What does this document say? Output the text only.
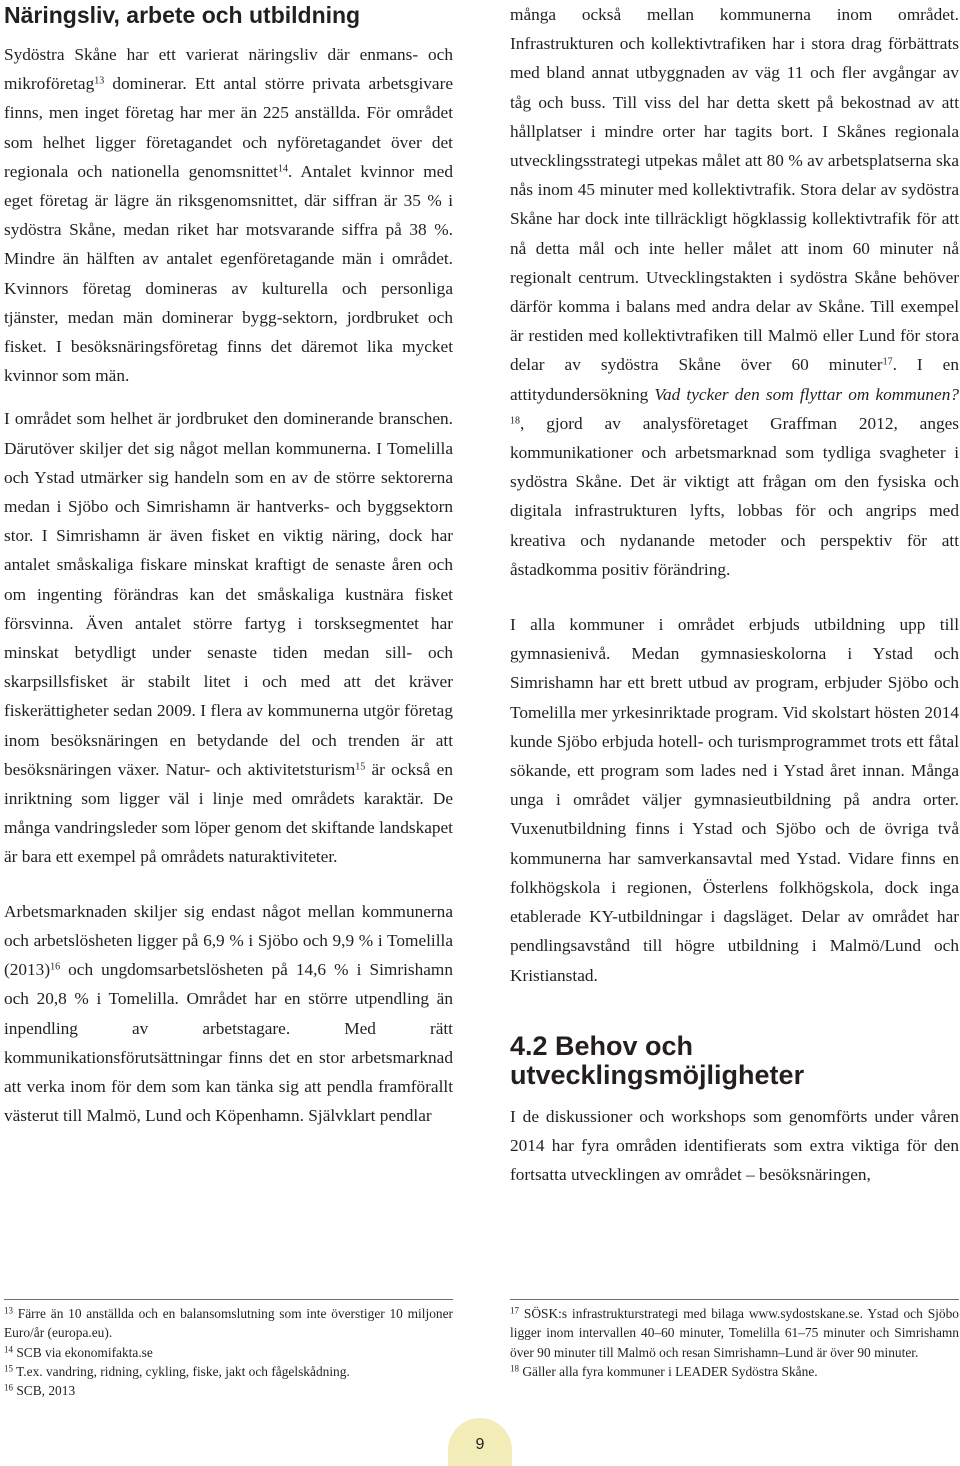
Näringsliv, arbete och utbildning

Sydöstra Skåne har ett varierat näringsliv där enmans- och mikroföretag$^{13}$ dominerar. Ett antal större privata arbetsgivare finns, men inget företag har mer än 225 anställda. För området som helhet ligger företagandet och nyföretagandet över det regionala och nationella genomsnittet$^{14}$. Antalet kvinnor med eget företag är lägre än riksgenomsnittet, där siffran är 35 % i sydöstra Skåne, medan riket har motsvarande siffra på 38 %. Mindre än hälften av antalet egenföretagande män i området. Kvinnors företag domineras av kulturella och personliga tjänster, medan män dominerar bygg-sektorn, jordbruket och fisket. I besöksnäringsföretag finns det däremot lika mycket kvinnor som män.

I området som helhet är jordbruket den dominerande branschen. Därutöver skiljer det sig något mellan kommunerna. I Tomelilla och Ystad utmärker sig handeln som en av de större sektorerna medan i Sjöbo och Simrishamn är hantverks- och byggsektorn stor. I Simrishamn är även fisket en viktig näring, dock har antalet småskaliga fiskare minskat kraftigt de senaste åren och om ingenting förändras kan det småskaliga kustnära fisket försvinna. Även antalet större fartyg i torsksegmentet har minskat betydligt under senaste tiden medan sill- och skarpsillsfisket är stabilt litet i och med att det kräver fiskerättigheter sedan 2009. I flera av kommunerna utgör företag inom besöksnäringen en betydande del och trenden är att besöksnäringen växer. Natur- och aktivitetsturism$^{15}$ är också en inriktning som ligger väl i linje med områdets karaktär. De många vandringsleder som löper genom det skiftande landskapet är bara ett exempel på områdets naturaktiviteter.

Arbetsmarknaden skiljer sig endast något mellan kommunerna och arbetslösheten ligger på 6,9 % i Sjöbo och 9,9 % i Tomelilla $(2013)^{16}$ och ungdomsarbetslösheten på 14,6 % i Simrishamn och 20,8 % i Tomelilla. Området har en större utpendling än inpendling av arbetstagare. Med rätt kommunikationsförutsättningar finns det en stor arbetsmarknad att verka inom för dem som kan tänka sig att pendla framförallt västerut till Malmö, Lund och Köpenhamn. Självklart pendlar

många också mellan kommunerna inom området. Infrastrukturen och kollektivtrafiken har i stora drag förbättrats med bland annat utbyggnaden av väg 11 och fler avgångar av tåg och buss. Till viss del har detta skett på bekostnad av att hållplatser i mindre orter har tagits bort. I Skånes regionala utvecklingsstrategi utpekas målet att 80 % av arbetsplatserna ska nås inom 45 minuter med kollektivtrafik. Stora delar av sydöstra Skåne har dock inte tillräckligt högklassig kollektivtrafik för att nå detta mål och inte heller målet att inom 60 minuter nå regionalt centrum. Utvecklingstakten i sydöstra Skåne behöver därför komma i balans med andra delar av Skåne. Till exempel är restiden med kollektivtrafiken till Malmö eller Lund för stora delar av sydöstra Skåne över 60 minuter$^{17}$. I en attitydundersökning Vad tycker den som flyttar om kommunen?$^{18}$, gjord av analysföretaget Graffman 2012, anges kommunikationer och arbetsmarknad som tydliga svagheter i sydöstra Skåne. Det är viktigt att frågan om den fysiska och digitala infrastrukturen lyfts, lobbas för och angrips med kreativa och nydanande metoder och perspektiv för att åstadkomma positiv förändring.

I alla kommuner i området erbjuds utbildning upp till gymnasienivå. Medan gymnasieskolorna i Ystad och Simrishamn har ett brett utbud av program, erbjuder Sjöbo och Tomelilla mer yrkesinriktade program. Vid skolstart hösten 2014 kunde Sjöbo erbjuda hotell- och turismprogrammet trots ett fåtal sökande, ett program som lades ned i Ystad året innan. Många unga i området väljer gymnasieutbildning på andra orter. Vuxenutbildning finns i Ystad och Sjöbo och de övriga två kommunerna har samverkansavtal med Ystad. Vidare finns en folkhögskola i regionen, Österlens folkhögskola, dock inga etablerade KY-utbildningar i dagsläget. Delar av området har pendlingsavstånd till högre utbildning i Malmö/Lund och Kristianstad.

4.2 Behov och utvecklingsmöjligheter

I de diskussioner och workshops som genomförts under våren 2014 har fyra områden identifierats som extra viktiga för den fortsatta utvecklingen av området – besöksnäringen,

$^{13}$ Färre än 10 anställda och en balansomslutning som inte överstiger 10 miljoner Euro/år (europa.eu).

$^{14}$ SCB via ekonomifakta.se

$^{15}$ T.ex. vandring, ridning, cykling, fiske, jakt och fågelskådning.

$^{16}$ SCB, 2013

$^{17}$ SÖSK:s infrastrukturstrategi med bilaga www.sydostskane.se. Ystad och Sjöbo ligger inom intervallen 40–60 minuter, Tomelilla 61–75 minuter och Simrishamn över 90 minuter till Malmö och resan Simrishamn–Lund är över 90 minuter.

$^{18}$ Gäller alla fyra kommuner i LEADER Sydöstra Skåne.

9
